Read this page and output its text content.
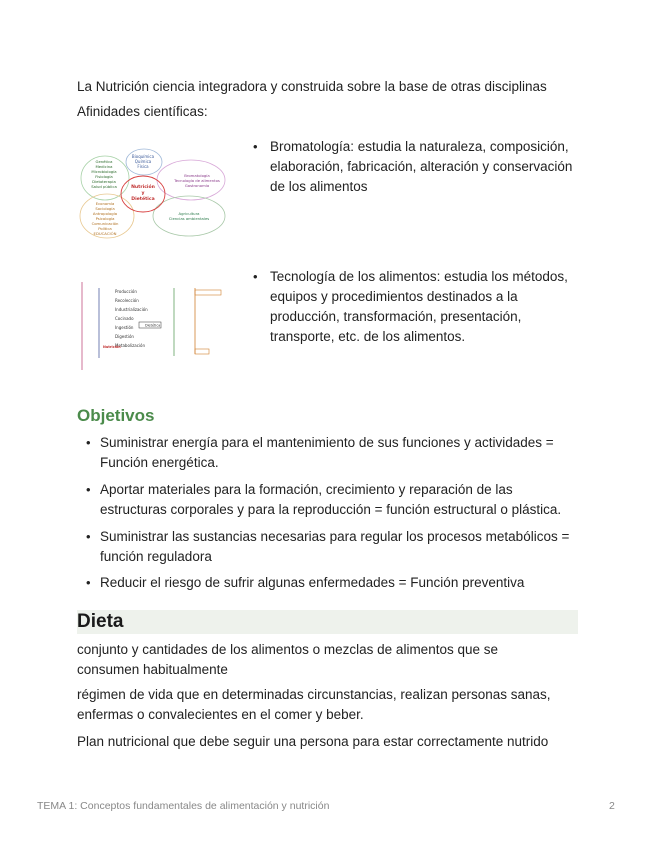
La Nutrición ciencia integradora y construida sobre la base de otras disciplinas

Afinidades científicas:

Nutrición
y
Dietética
Bioquímica
Química
Física
Genética
Medicina
Microbiología
Fisiología
Dietoterapia
Salud pública
Bromatología
Tecnología de alimentos
Gastronomía
Economía
Sociología
Antropología
Psicología
Comunicación
Política
EDUCACIÓN
Agricultura
Ciencias ambientales
• Bromatología: estudia la naturaleza, composición, elaboración, fabricación, alteración y conservación de los alimentos
Producción
Recolección
Industrialización
Cocinado
Ingestión
Digestión
Metabolización
Dietética
Nutrición
• Tecnología de los alimentos: estudia los métodos, equipos y procedimientos destinados a la producción, transformación, presentación, transporte, etc. de los alimentos.
Objetivos
• Suministrar energía para el mantenimiento de sus funciones y actividades = Función energética.
• Aportar materiales para la formación, crecimiento y reparación de las estructuras corporales y para la reproducción = función estructural o plástica.
• Suministrar las sustancias necesarias para regular los procesos metabólicos = función reguladora
• Reducir el riesgo de sufrir algunas enfermedades = Función preventiva
Dieta

conjunto y cantidades de los alimentos o mezclas de alimentos que se consumen habitualmente

régimen de vida que en determinadas circunstancias, realizan personas sanas, enfermas o convalecientes en el comer y beber.

Plan nutricional que debe seguir una persona para estar correctamente nutrido

TEMA 1: Conceptos fundamentales de alimentación y nutrición	2
